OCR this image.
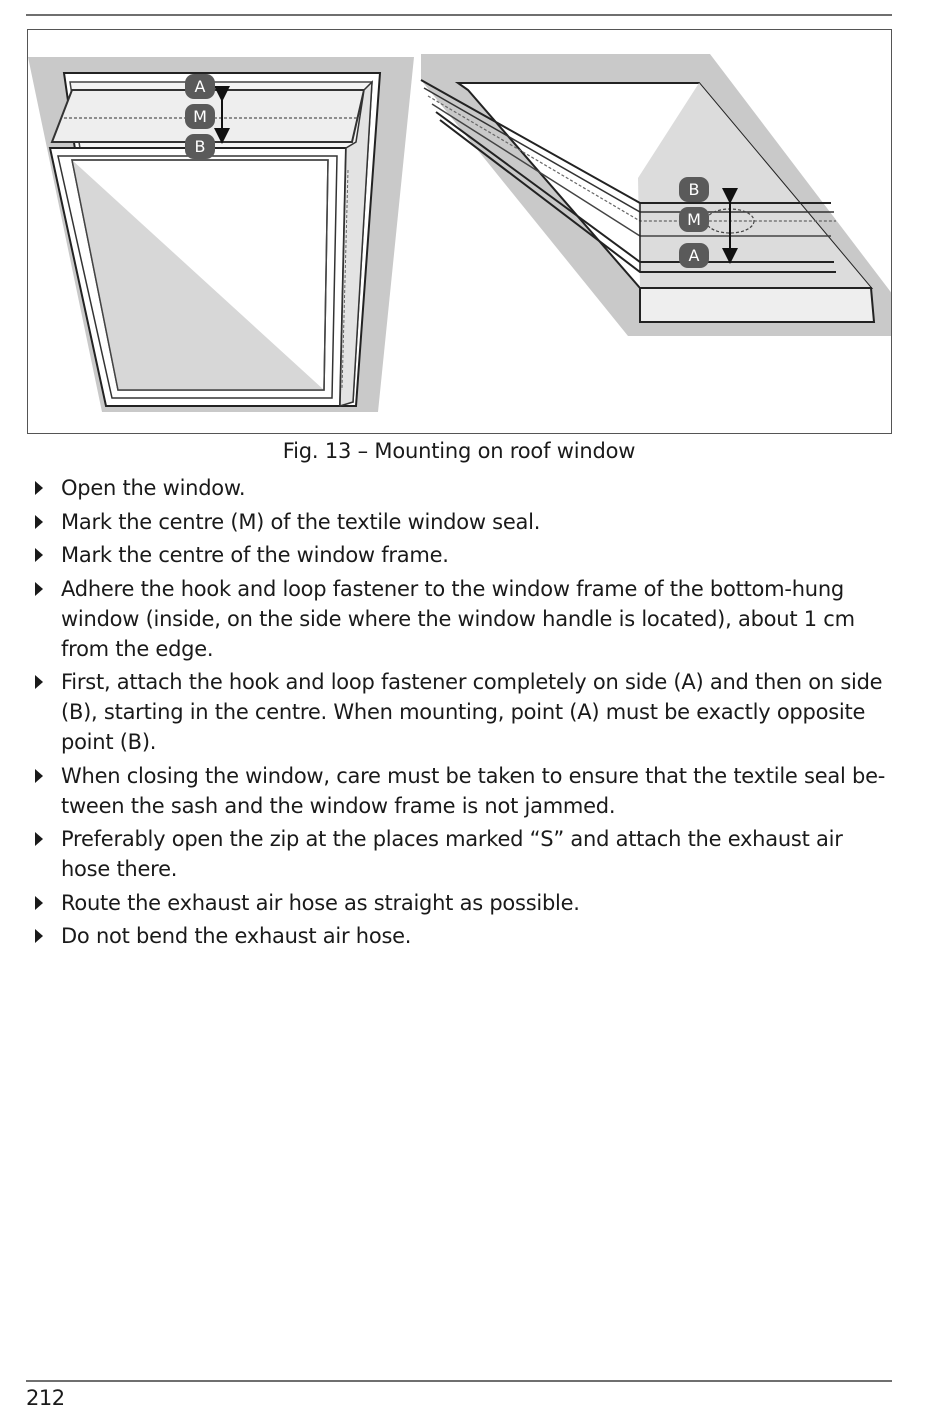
A
M
B
B
M
A
Fig. 13 – Mounting on roof window
Open the window.
Mark the centre (M) of the textile window seal.
Mark the centre of the window frame.
Adhere the hook and loop fastener to the window frame of the bottom-hung window (inside, on the side where the window handle is located), about 1 cm from the edge.
First, attach the hook and loop fastener completely on side (A) and then on side (B), starting in the centre. When mounting, point (A) must be exactly opposite point (B).
When closing the window, care must be taken to ensure that the textile seal be-tween the sash and the window frame is not jammed.
Preferably open the zip at the places marked “S” and attach the exhaust air hose there.
Route the exhaust air hose as straight as possible.
Do not bend the exhaust air hose.
212
